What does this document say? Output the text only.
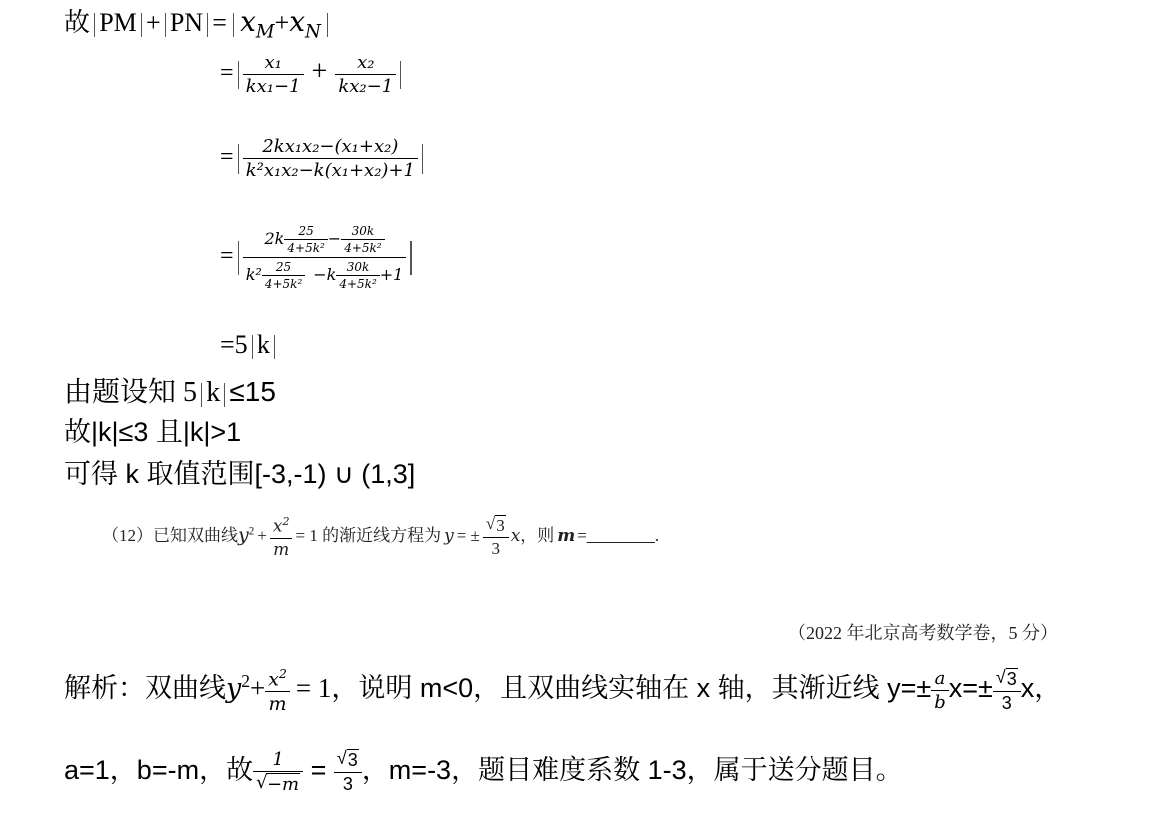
故 PM + PN = $x_M+x_N$
= $\frac{\text{x₁}}{\text{kx₁−1}} + \frac{\text{x₂}}{\text{kx₂−1}}$
= $\frac{\text{2kx₁x₂−(x₁+x₂)}}{\text{k²x₁x₂−k(x₁+x₂)+1}}$
= $\frac{2k \frac{25}{\text{4+5k²}} - \frac{30k}{\text{4+5k²}}}{k^2 \frac{25}{\text{4+5k²}} -k \frac{30k}{\text{4+5k²}} +1}$
=5 k
由题设知 5 k ≤15
故|k|≤3 且|k|>1
可得 k 取值范围[-3,-1) ∪ (1,3]
（12）已知双曲线$y^2 + \frac{x^2}{m} = 1$ 的渐近线方程为 y = ± √ $\frac{3}{3}$ x，则 m =________.
（2022 年北京高考数学卷，5 分）
解析：双曲线$y^2+ \frac{x^2}{m} = 1$，说明 m<0，且双曲线实轴在 x 轴，其渐近线 $y=\pm \frac{a}{b} x=\pm$ √ $\frac{3}{3}$ x，
a=1，b=-m，故 1
√ −m = √ $\frac{3}{3}$ ，m=-3，题目难度系数 1-3，属于送分题目。
